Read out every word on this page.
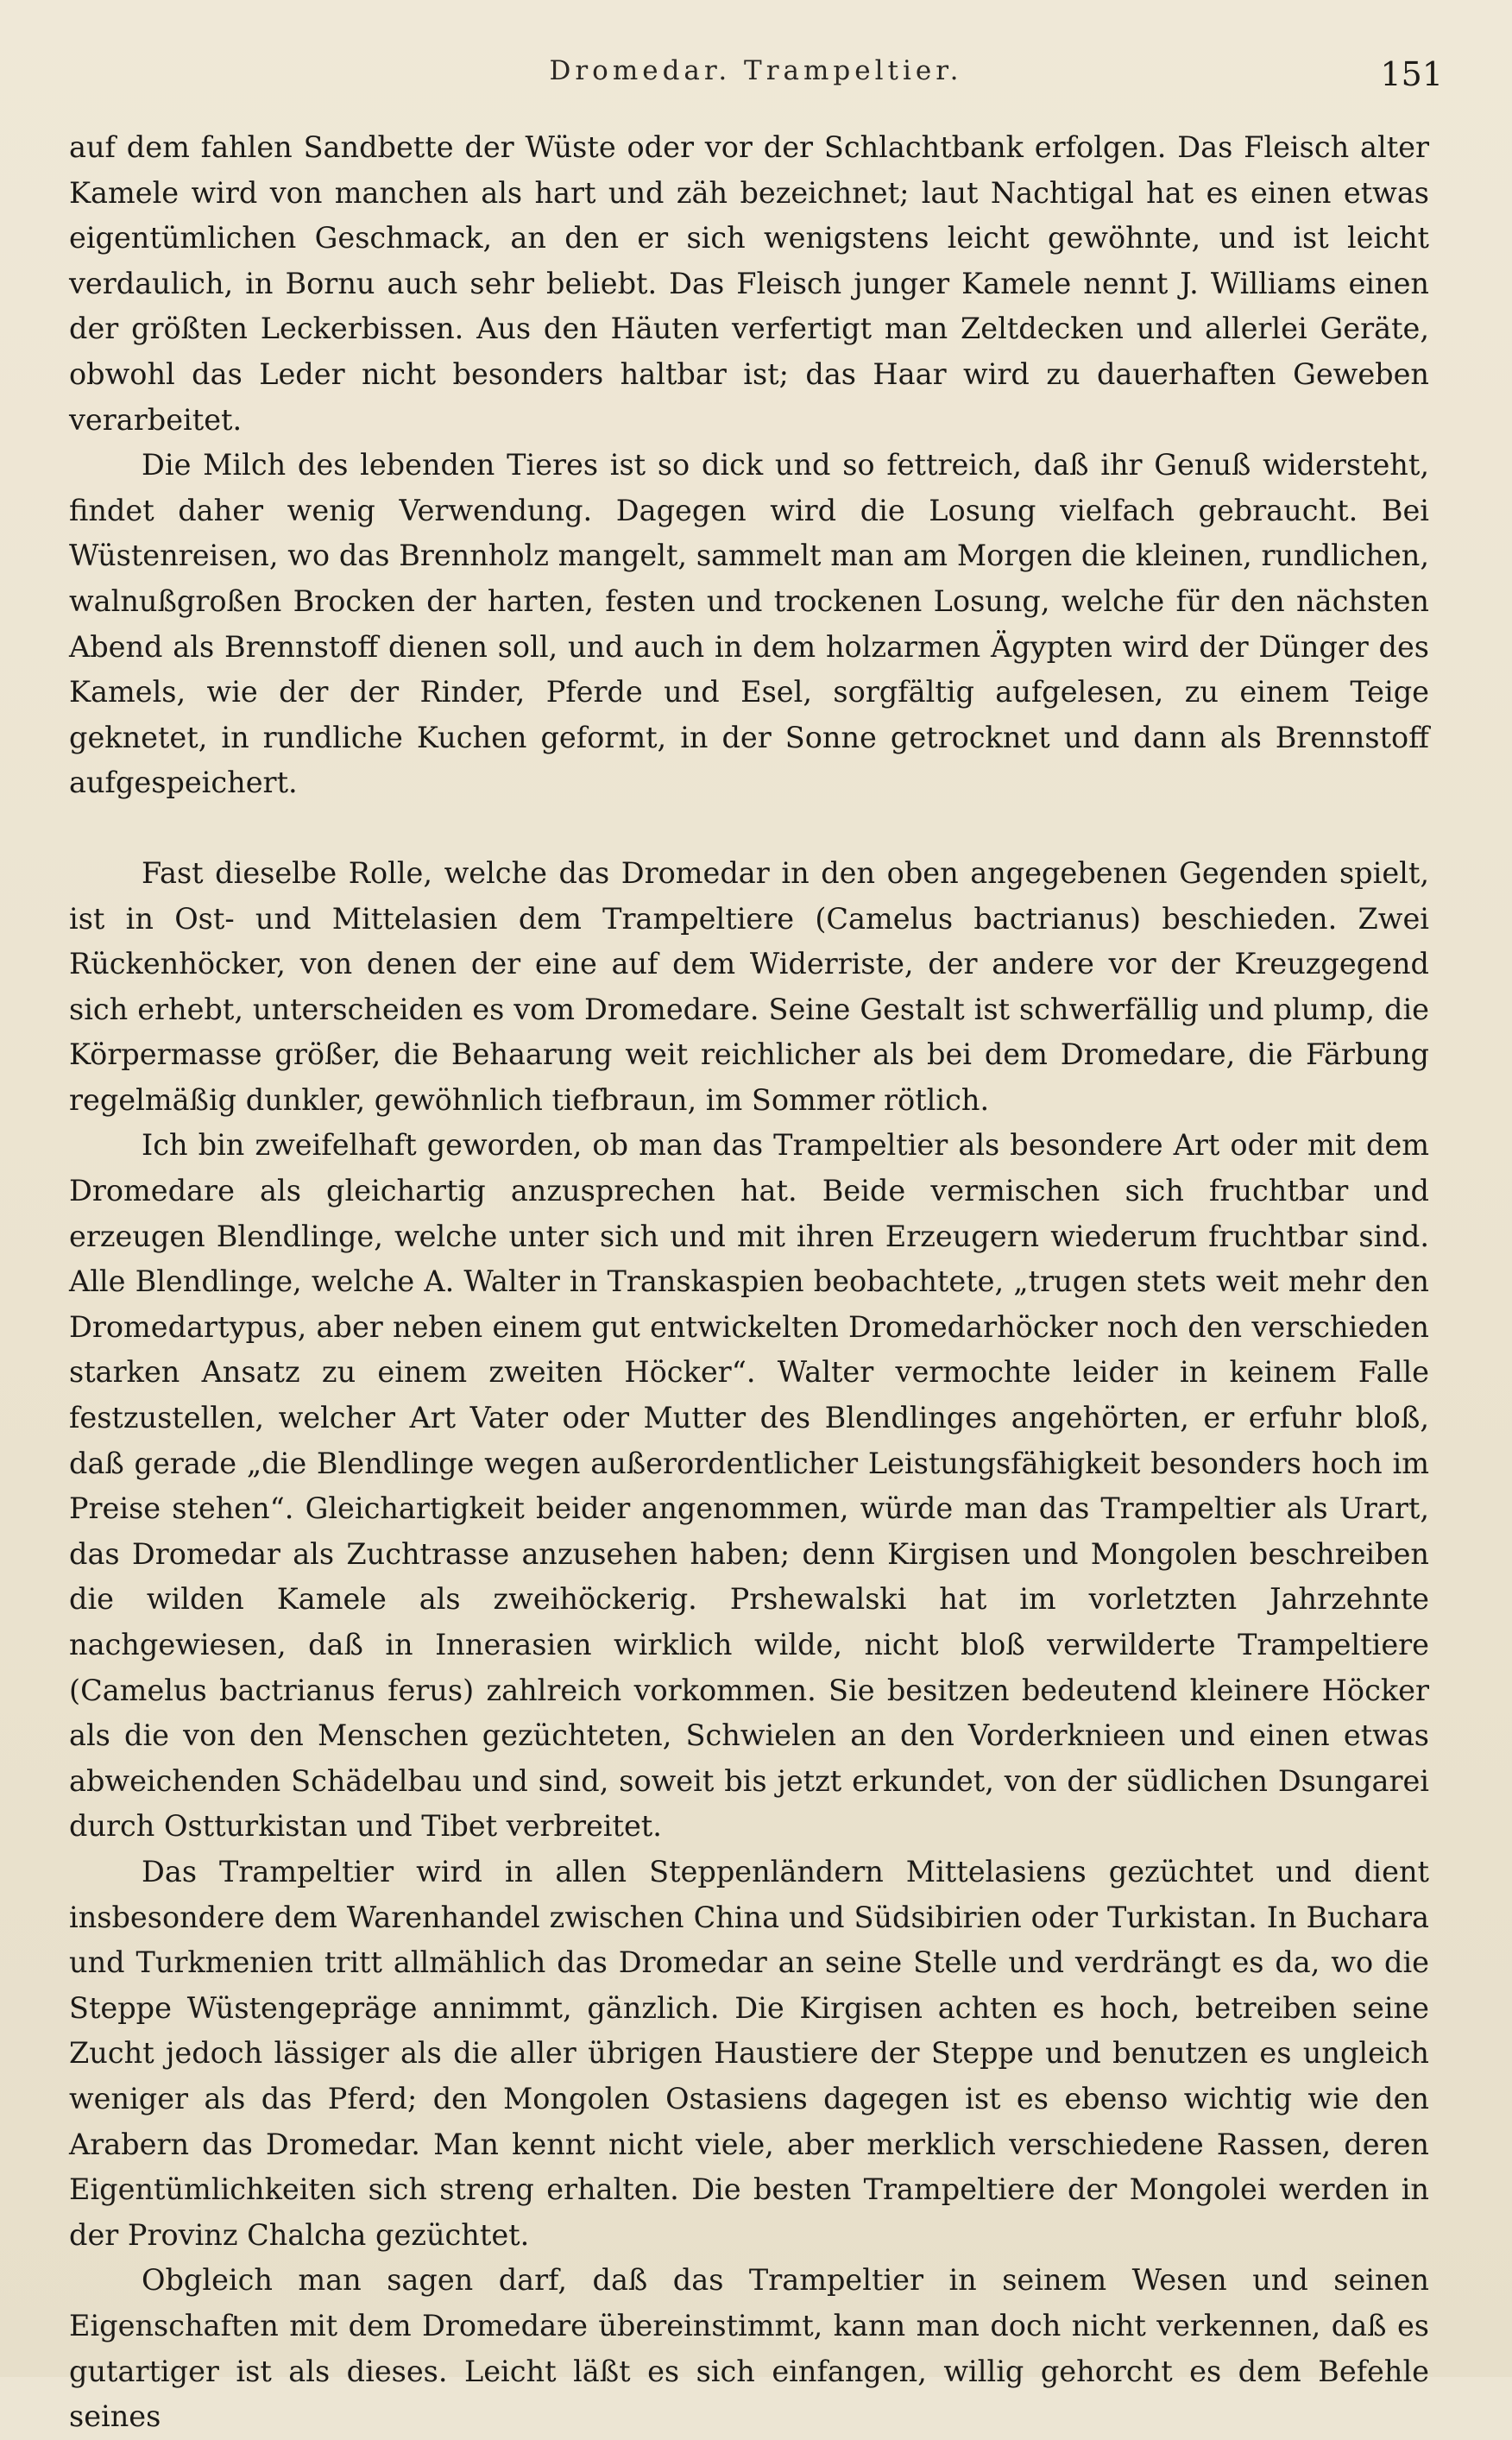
Dromedar. Trampeltier.	151

auf dem fahlen Sandbette der Wüste oder vor der Schlachtbank erfolgen. Das Fleisch alter Kamele wird von manchen als hart und zäh bezeichnet; laut Nachtigal hat es einen etwas eigentümlichen Geschmack, an den er sich wenigstens leicht gewöhnte, und ist leicht verdaulich, in Bornu auch sehr beliebt. Das Fleisch junger Kamele nennt J. Williams einen der größten Leckerbissen. Aus den Häuten verfertigt man Zeltdecken und allerlei Geräte, obwohl das Leder nicht besonders haltbar ist; das Haar wird zu dauerhaften Geweben verarbeitet.

Die Milch des lebenden Tieres ist so dick und so fettreich, daß ihr Genuß widersteht, findet daher wenig Verwendung. Dagegen wird die Losung vielfach gebraucht. Bei Wüstenreisen, wo das Brennholz mangelt, sammelt man am Morgen die kleinen, rundlichen, walnußgroßen Brocken der harten, festen und trockenen Losung, welche für den nächsten Abend als Brennstoff dienen soll, und auch in dem holzarmen Ägypten wird der Dünger des Kamels, wie der der Rinder, Pferde und Esel, sorgfältig aufgelesen, zu einem Teige geknetet, in rundliche Kuchen geformt, in der Sonne getrocknet und dann als Brennstoff aufgespeichert.

Fast dieselbe Rolle, welche das Dromedar in den oben angegebenen Gegenden spielt, ist in Ost- und Mittelasien dem Trampeltiere (Camelus bactrianus) beschieden. Zwei Rückenhöcker, von denen der eine auf dem Widerriste, der andere vor der Kreuzgegend sich erhebt, unterscheiden es vom Dromedare. Seine Gestalt ist schwerfällig und plump, die Körpermasse größer, die Behaarung weit reichlicher als bei dem Dromedare, die Färbung regelmäßig dunkler, gewöhnlich tiefbraun, im Sommer rötlich.

Ich bin zweifelhaft geworden, ob man das Trampeltier als besondere Art oder mit dem Dromedare als gleichartig anzusprechen hat. Beide vermischen sich fruchtbar und erzeugen Blendlinge, welche unter sich und mit ihren Erzeugern wiederum fruchtbar sind. Alle Blendlinge, welche A. Walter in Transkaspien beobachtete, „trugen stets weit mehr den Dromedartypus, aber neben einem gut entwickelten Dromedarhöcker noch den verschieden starken Ansatz zu einem zweiten Höcker“. Walter vermochte leider in keinem Falle festzustellen, welcher Art Vater oder Mutter des Blendlinges angehörten, er erfuhr bloß, daß gerade „die Blendlinge wegen außerordentlicher Leistungsfähigkeit besonders hoch im Preise stehen“. Gleichartigkeit beider angenommen, würde man das Trampeltier als Urart, das Dromedar als Zuchtrasse anzusehen haben; denn Kirgisen und Mongolen beschreiben die wilden Kamele als zweihöckerig. Prshewalski hat im vorletzten Jahrzehnte nachgewiesen, daß in Innerasien wirklich wilde, nicht bloß verwilderte Trampeltiere (Camelus bactrianus ferus) zahlreich vorkommen. Sie besitzen bedeutend kleinere Höcker als die von den Menschen gezüchteten, Schwielen an den Vorderknieen und einen etwas abweichenden Schädelbau und sind, soweit bis jetzt erkundet, von der südlichen Dsungarei durch Ostturkistan und Tibet verbreitet.

Das Trampeltier wird in allen Steppenländern Mittelasiens gezüchtet und dient insbesondere dem Warenhandel zwischen China und Südsibirien oder Turkistan. In Buchara und Turkmenien tritt allmählich das Dromedar an seine Stelle und verdrängt es da, wo die Steppe Wüstengepräge annimmt, gänzlich. Die Kirgisen achten es hoch, betreiben seine Zucht jedoch lässiger als die aller übrigen Haustiere der Steppe und benutzen es ungleich weniger als das Pferd; den Mongolen Ostasiens dagegen ist es ebenso wichtig wie den Arabern das Dromedar. Man kennt nicht viele, aber merklich verschiedene Rassen, deren Eigentümlichkeiten sich streng erhalten. Die besten Trampeltiere der Mongolei werden in der Provinz Chalcha gezüchtet.

Obgleich man sagen darf, daß das Trampeltier in seinem Wesen und seinen Eigenschaften mit dem Dromedare übereinstimmt, kann man doch nicht verkennen, daß es gutartiger ist als dieses. Leicht läßt es sich einfangen, willig gehorcht es dem Befehle seines
